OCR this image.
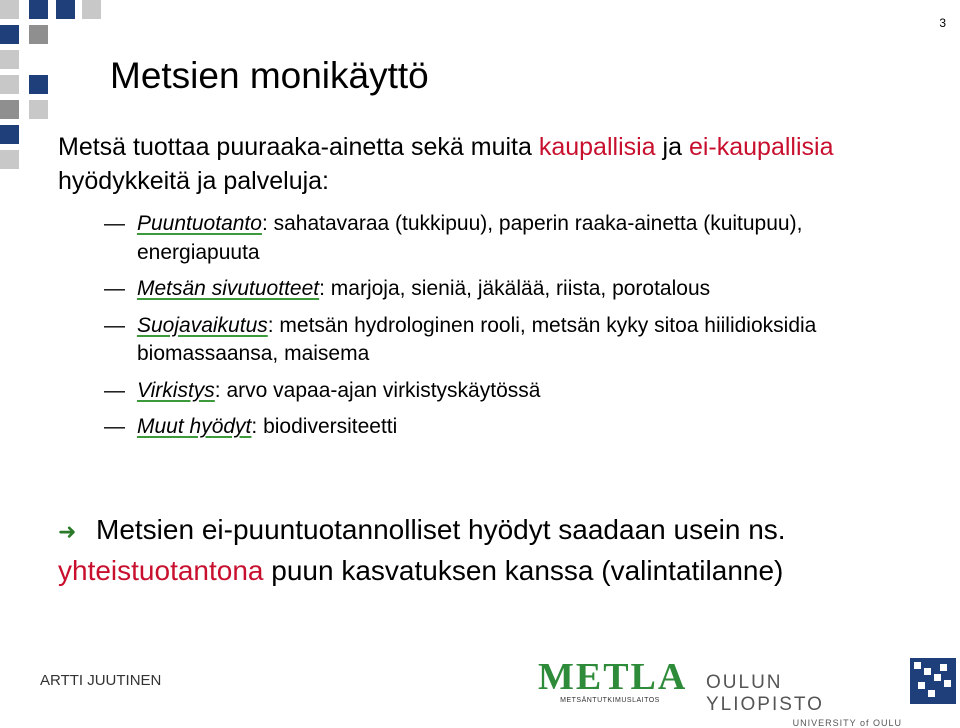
3
Metsien monikäyttö
Metsä tuottaa puuraaka-ainetta sekä muita kaupallisia ja ei-kaupallisia hyödykkeitä ja palveluja:
— Puuntuotanto: sahatavaraa (tukkipuu), paperin raaka-ainetta (kuitupuu), energiapuuta
— Metsän sivutuotteet: marjoja, sieniä, jäkälää, riista, porotalous
— Suojavaikutus: metsän hydrologinen rooli, metsän kyky sitoa hiilidioksidia biomassaansa, maisema
— Virkistys: arvo vapaa-ajan virkistyskäytössä
— Muut hyödyt: biodiversiteetti
➜ Metsien ei-puuntuotannolliset hyödyt saadaan usein ns. yhteistuotantona puun kasvatuksen kanssa (valintatilanne)
ARTTI JUUTINEN	METLA
METSÄNTUTKIMUSLAITOS
OULUN YLIOPISTO
UNIVERSITY of OULU
